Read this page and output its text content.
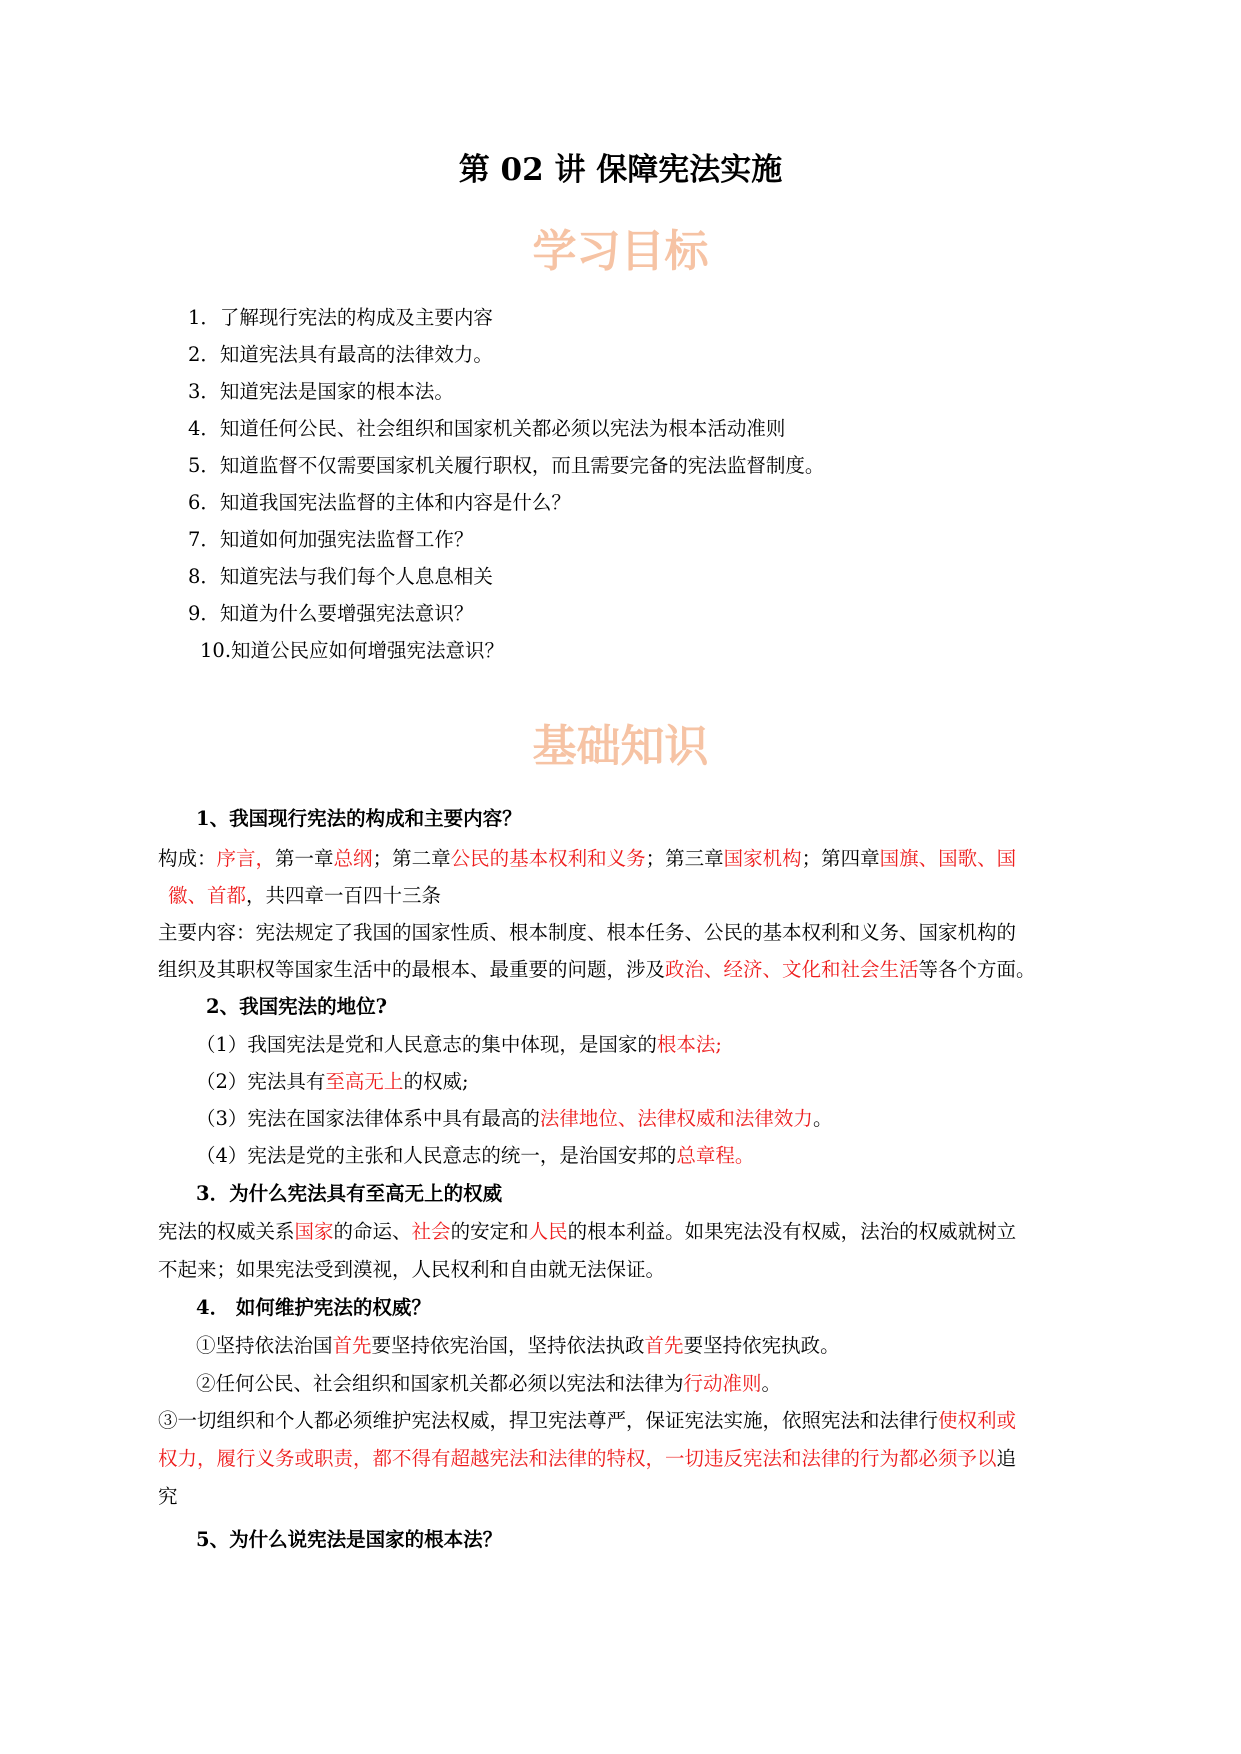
第 02 讲 保障宪法实施
学习目标
1．了解现行宪法的构成及主要内容
2．知道宪法具有最高的法律效力。
3．知道宪法是国家的根本法。
4．知道任何公民、社会组织和国家机关都必须以宪法为根本活动准则
5．知道监督不仅需要国家机关履行职权，而且需要完备的宪法监督制度。
6．知道我国宪法监督的主体和内容是什么？
7．知道如何加强宪法监督工作？
8．知道宪法与我们每个人息息相关
9．知道为什么要增强宪法意识？
10.知道公民应如何增强宪法意识？
基础知识

1、我国现行宪法的构成和主要内容？

构成：序言，第一章总纲；第二章公民的基本权利和义务；第三章国家机构；第四章国旗、国歌、国

徽、首都，共四章一百四十三条

主要内容：宪法规定了我国的国家性质、根本制度、根本任务、公民的基本权利和义务、国家机构的

组织及其职权等国家生活中的最根本、最重要的问题，涉及政治、经济、文化和社会生活等各个方面。

2、我国宪法的地位?

（1）我国宪法是党和人民意志的集中体现，是国家的根本法;

（2）宪法具有至高无上的权威;

（3）宪法在国家法律体系中具有最高的法律地位、法律权威和法律效力。

（4）宪法是党的主张和人民意志的统一，是治国安邦的总章程。

3．为什么宪法具有至高无上的权威

宪法的权威关系国家的命运、社会的安定和人民的根本利益。如果宪法没有权威，法治的权威就树立

不起来；如果宪法受到漠视，人民权利和自由就无法保证。

4． 如何维护宪法的权威？

①坚持依法治国首先要坚持依宪治国，坚持依法执政首先要坚持依宪执政。

②任何公民、社会组织和国家机关都必须以宪法和法律为行动准则。

③一切组织和个人都必须维护宪法权威，捍卫宪法尊严，保证宪法实施，依照宪法和法律行使权利或

权力，履行义务或职责，都不得有超越宪法和法律的特权，一切违反宪法和法律的行为都必须予以追

究

5、为什么说宪法是国家的根本法？
